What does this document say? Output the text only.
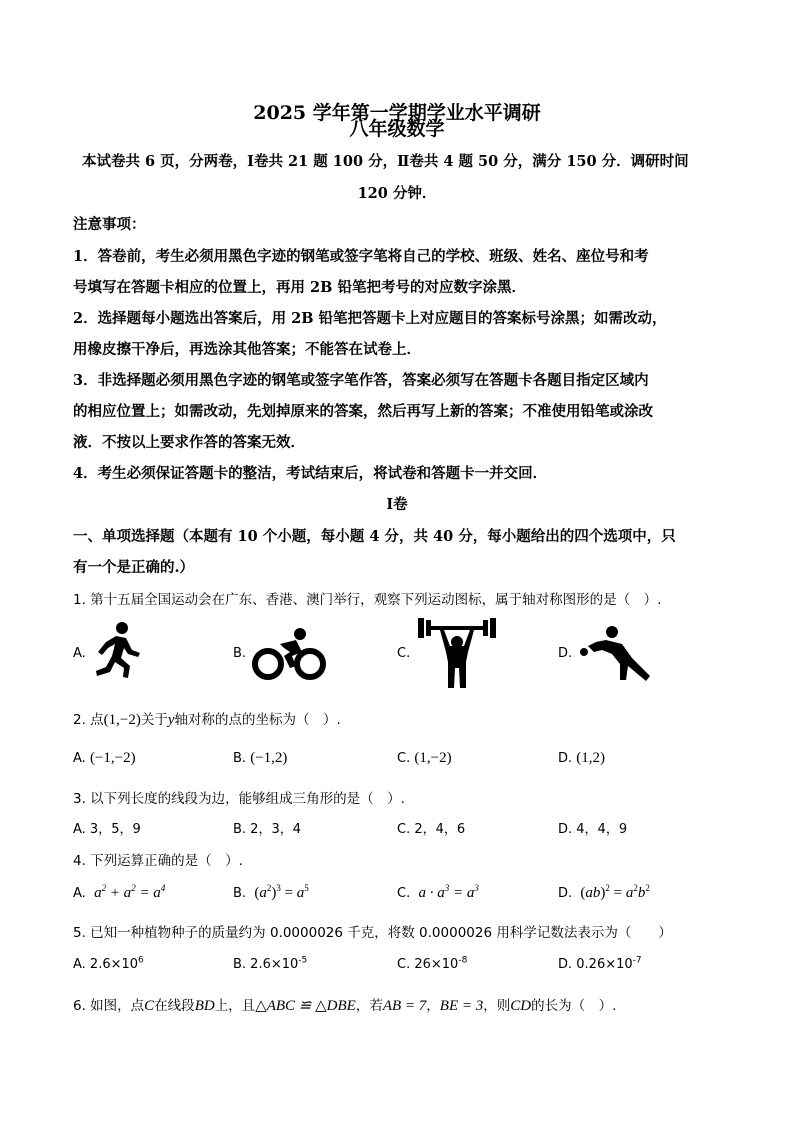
2025 学年第一学期学业水平调研
八年级数学
本试卷共 6 页，分两卷，Ⅰ卷共 21 题 100 分，Ⅱ卷共 4 题 50 分，满分 150 分．调研时间
120 分钟．
注意事项：
1．答卷前，考生必须用黑色字迹的钢笔或签字笔将自己的学校、班级、姓名、座位号和考
号填写在答题卡相应的位置上，再用 2B 铅笔把考号的对应数字涂黑．
2．选择题每小题选出答案后，用 2B 铅笔把答题卡上对应题目的答案标号涂黑；如需改动，
用橡皮擦干净后，再选涂其他答案；不能答在试卷上．
3．非选择题必须用黑色字迹的钢笔或签字笔作答，答案必须写在答题卡各题目指定区域内
的相应位置上；如需改动，先划掉原来的答案，然后再写上新的答案；不准使用铅笔或涂改
液．不按以上要求作答的答案无效．
4．考生必须保证答题卡的整洁，考试结束后，将试卷和答题卡一并交回．
Ⅰ卷
一、单项选择题（本题有 10 个小题，每小题 4 分，共 40 分，每小题给出的四个选项中，只
有一个是正确的.）
1. 第十五届全国运动会在广东、香港、澳门举行，观察下列运动图标，属于轴对称图形的是（　）.
A.	B.	C.	D.
2. 点(1,−2)关于y轴对称的点的坐标为（　）.
A. (−1,−2)	B. (−1,2)	C. (1,−2)	D. (1,2)
3. 以下列长度的线段为边，能够组成三角形的是（　）.
A. 3，5，9	B. 2，3，4	C. 2，4，6	D. 4，4，9
4. 下列运算正确的是（　）.
A. $a^2 + a^2 = a^4$	B. $(a^2)^3 = a^5$	C. $a \cdot a^3 = a^3$	D. $(ab)^2 = a^2b^2$
5. 已知一种植物种子的质量约为 0.0000026 千克，将数 0.0000026 用科学记数法表示为（　　）
A. $2.6\times 10^6$	B. $2.6\times 10^{-5}$	C. $26\times 10^{-8}$	D. $0.26\times 10^{-7}$
6. 如图，点C在线段BD上，且△ABC ≌ △DBE，若AB = 7，BE = 3，则CD的长为（　）.
